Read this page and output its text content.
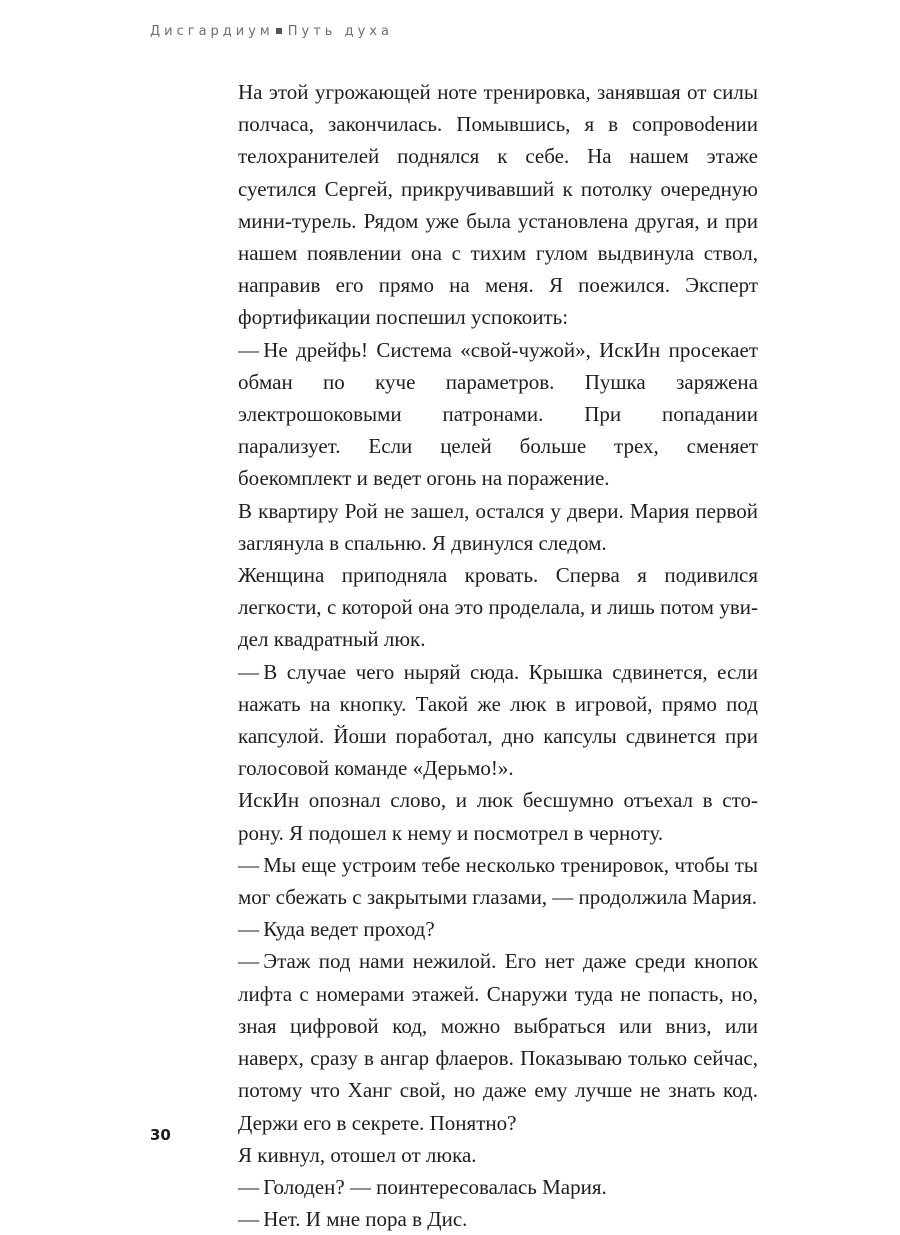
Дисгардиум Путь духа

На этой угрожающей ноте тренировка, занявшая от силы полчаса, закончилась. Помывшись, я в сопровоdении телохранителей поднялся к себе. На нашем этаже суетился Сергей, прикручивавший к потолку очередную мини-турель. Рядом уже была установлена другая, и при нашем появлении она с тихим гулом выдвинула ствол, направив его прямо на меня. Я поежился. Эксперт фортификации поспешил успокоить:

— Не дрейфь! Система «свой-чужой», ИскИн просекает обман по куче параметров. Пушка заряжена электрошоковыми патронами. При попадании парализует. Если целей больше трех, сменяет боекомплект и ведет огонь на поражение.

В квартиру Рой не зашел, остался у двери. Мария первой заглянула в спальню. Я двинулся следом.

Женщина приподняла кровать. Сперва я подивился легкости, с которой она это проделала, и лишь потом увидел квадратный люк.

— В случае чего ныряй сюда. Крышка сдвинется, если нажать на кнопку. Такой же люк в игровой, прямо под капсулой. Йоши поработал, дно капсулы сдвинется при голосовой команде «Дерьмо!».

ИскИн опознал слово, и люк бесшумно отъехал в сторону. Я подошел к нему и посмотрел в черноту.

— Мы еще устроим тебе несколько тренировок, чтобы ты мог сбежать с закрытыми глазами, — продолжила Мария.

— Куда ведет проход?

— Этаж под нами нежилой. Его нет даже среди кнопок лифта с номерами этажей. Снаружи туда не попасть, но, зная цифровой код, можно выбраться или вниз, или наверх, сразу в ангар флаеров. Показываю только сейчас, потому что Ханг свой, но даже ему лучше не знать код. Держи его в секрете. Понятно?

Я кивнул, отошел от люка.

— Голоден? — поинтересовалась Мария.

— Нет. И мне пора в Дис.

30
